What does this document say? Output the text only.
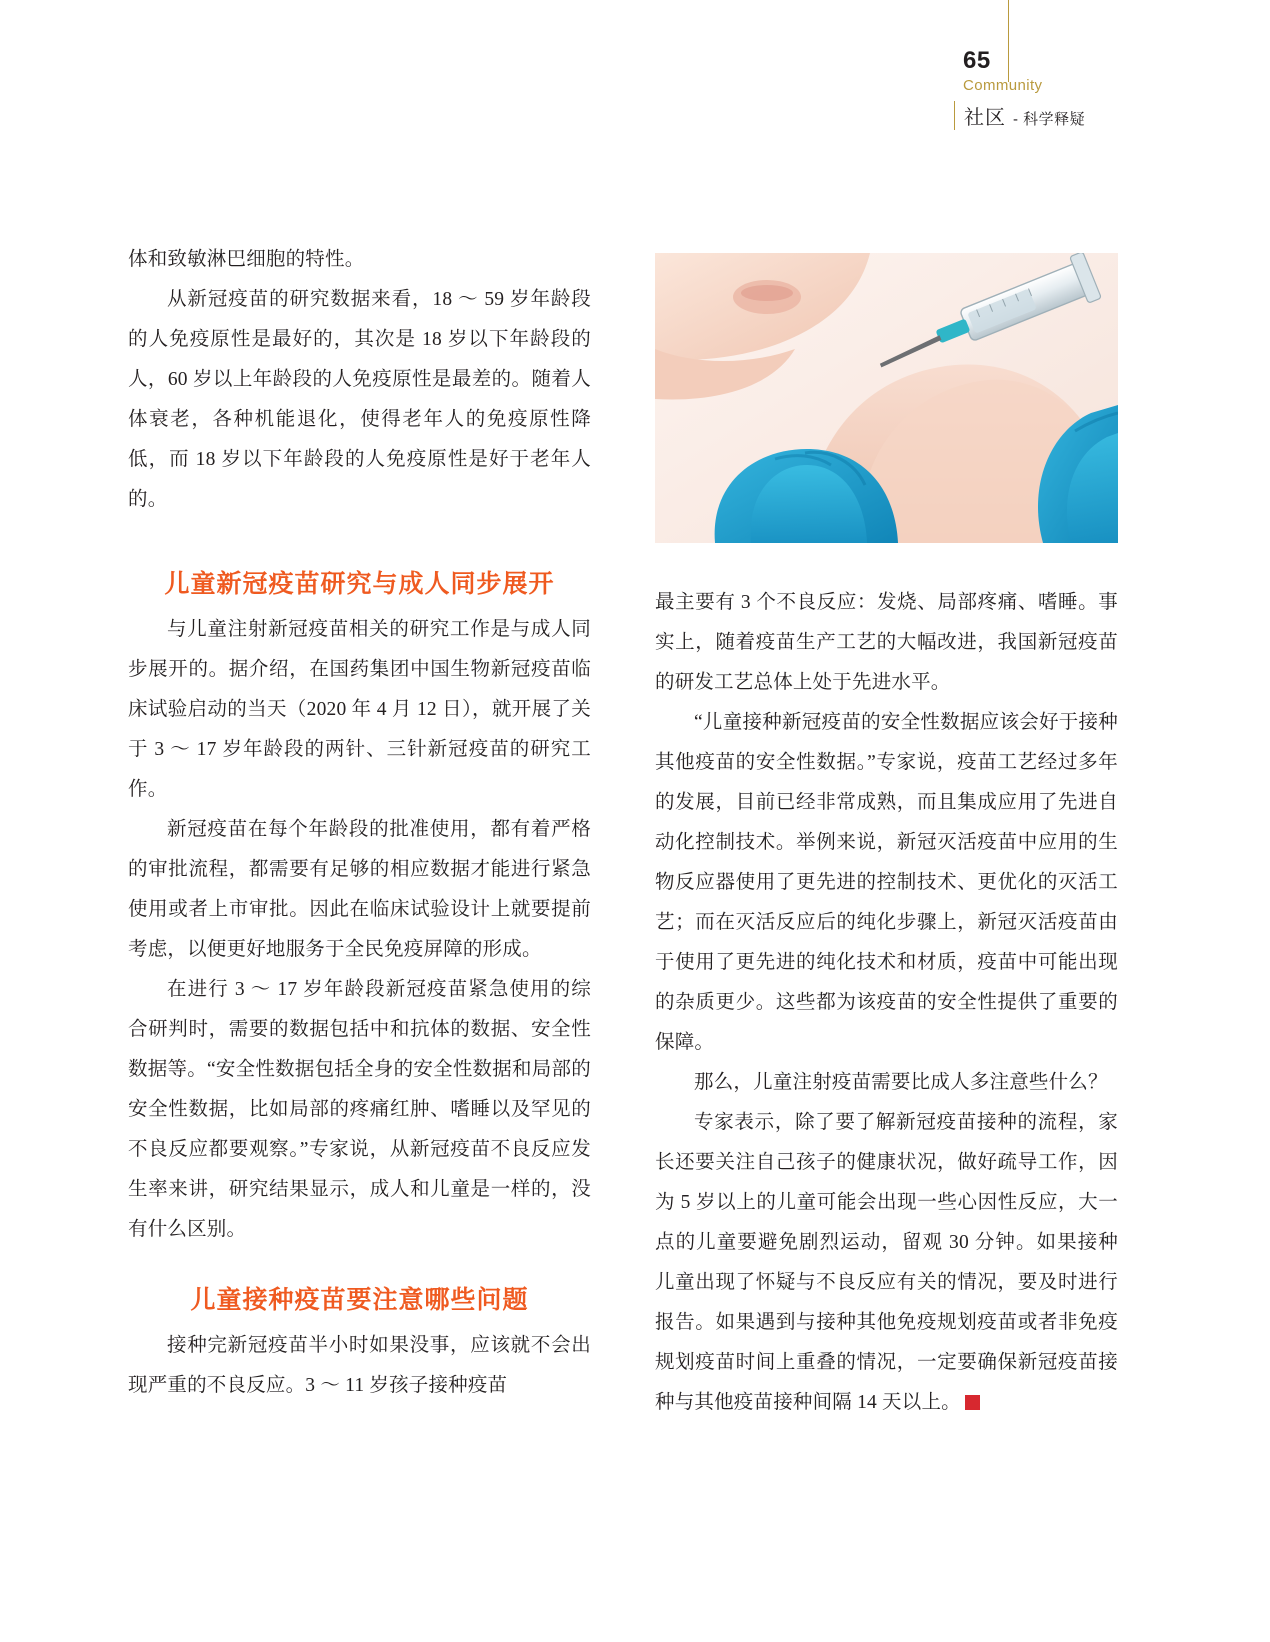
65
Community
社区 - 科学释疑

体和致敏淋巴细胞的特性。

从新冠疫苗的研究数据来看，18 ～ 59 岁年龄段的人免疫原性是最好的，其次是 18 岁以下年龄段的人，60 岁以上年龄段的人免疫原性是最差的。随着人体衰老，各种机能退化，使得老年人的免疫原性降低，而 18 岁以下年龄段的人免疫原性是好于老年人的。

儿童新冠疫苗研究与成人同步展开

与儿童注射新冠疫苗相关的研究工作是与成人同步展开的。据介绍，在国药集团中国生物新冠疫苗临床试验启动的当天（2020 年 4 月 12 日），就开展了关于 3 ～ 17 岁年龄段的两针、三针新冠疫苗的研究工作。

新冠疫苗在每个年龄段的批准使用，都有着严格的审批流程，都需要有足够的相应数据才能进行紧急使用或者上市审批。因此在临床试验设计上就要提前考虑，以便更好地服务于全民免疫屏障的形成。

在进行 3 ～ 17 岁年龄段新冠疫苗紧急使用的综合研判时，需要的数据包括中和抗体的数据、安全性数据等。“安全性数据包括全身的安全性数据和局部的安全性数据，比如局部的疼痛红肿、嗜睡以及罕见的不良反应都要观察。”专家说，从新冠疫苗不良反应发生率来讲，研究结果显示，成人和儿童是一样的，没有什么区别。

儿童接种疫苗要注意哪些问题

接种完新冠疫苗半小时如果没事，应该就不会出现严重的不良反应。3 ～ 11 岁孩子接种疫苗

最主要有 3 个不良反应：发烧、局部疼痛、嗜睡。事实上，随着疫苗生产工艺的大幅改进，我国新冠疫苗的研发工艺总体上处于先进水平。

“儿童接种新冠疫苗的安全性数据应该会好于接种其他疫苗的安全性数据。”专家说，疫苗工艺经过多年的发展，目前已经非常成熟，而且集成应用了先进自动化控制技术。举例来说，新冠灭活疫苗中应用的生物反应器使用了更先进的控制技术、更优化的灭活工艺；而在灭活反应后的纯化步骤上，新冠灭活疫苗由于使用了更先进的纯化技术和材质，疫苗中可能出现的杂质更少。这些都为该疫苗的安全性提供了重要的保障。

那么，儿童注射疫苗需要比成人多注意些什么？

专家表示，除了要了解新冠疫苗接种的流程，家长还要关注自己孩子的健康状况，做好疏导工作，因为 5 岁以上的儿童可能会出现一些心因性反应，大一点的儿童要避免剧烈运动，留观 30 分钟。如果接种儿童出现了怀疑与不良反应有关的情况，要及时进行报告。如果遇到与接种其他免疫规划疫苗或者非免疫规划疫苗时间上重叠的情况，一定要确保新冠疫苗接种与其他疫苗接种间隔 14 天以上。	S
